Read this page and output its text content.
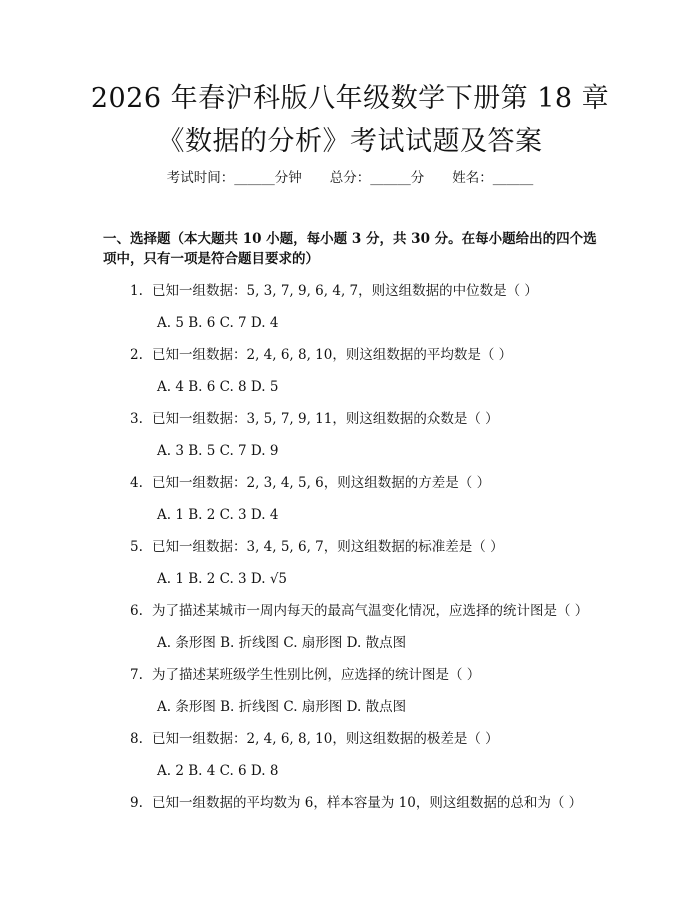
2026 年春沪科版八年级数学下册第 18 章
《数据的分析》考试试题及答案
考试时间：______分钟 总分：______分 姓名：______
一、选择题（本大题共 10 小题，每小题 3 分，共 30 分。在每小题给出的四个选
项中，只有一项是符合题目要求的）
1. 已知一组数据：5, 3, 7, 9, 6, 4, 7，则这组数据的中位数是（ ）
A. 5 B. 6 C. 7 D. 4
2. 已知一组数据：2, 4, 6, 8, 10，则这组数据的平均数是（ ）
A. 4 B. 6 C. 8 D. 5
3. 已知一组数据：3, 5, 7, 9, 11，则这组数据的众数是（ ）
A. 3 B. 5 C. 7 D. 9
4. 已知一组数据：2, 3, 4, 5, 6，则这组数据的方差是（ ）
A. 1 B. 2 C. 3 D. 4
5. 已知一组数据：3, 4, 5, 6, 7，则这组数据的标准差是（ ）
A. 1 B. 2 C. 3 D. √5
6. 为了描述某城市一周内每天的最高气温变化情况，应选择的统计图是（ ）
A. 条形图 B. 折线图 C. 扇形图 D. 散点图
7. 为了描述某班级学生性别比例，应选择的统计图是（ ）
A. 条形图 B. 折线图 C. 扇形图 D. 散点图
8. 已知一组数据：2, 4, 6, 8, 10，则这组数据的极差是（ ）
A. 2 B. 4 C. 6 D. 8
9. 已知一组数据的平均数为 6，样本容量为 10，则这组数据的总和为（ ）
